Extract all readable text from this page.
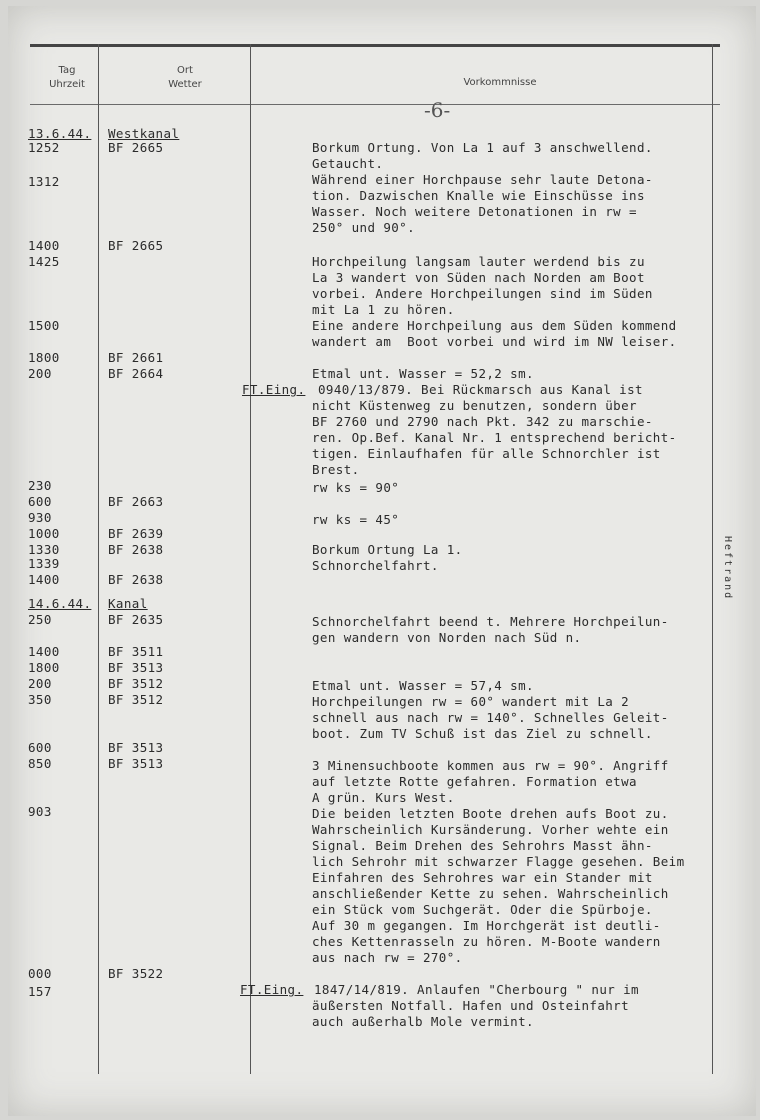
Tag
Uhrzeit
Ort
Wetter	Vorkommnisse
-6-
13.6.44.
1252
1312
1400
1425
1500
1800
200
230
600
930
1000
1330
1339
1400
14.6.44.
250
1400
1800
200
350
600
850
903
000
157
Westkanal
BF 2665
BF 2665
BF 2661
BF 2664
BF 2663
BF 2639
BF 2638
BF 2638
Kanal
BF 2635
BF 3511
BF 3513
BF 3512
BF 3512
BF 3513
BF 3513
BF 3522
Borkum Ortung. Von La 1 auf 3 anschwellend.
Getaucht.
Während einer Horchpause sehr laute Detona-
tion. Dazwischen Knalle wie Einschüsse ins
Wasser. Noch weitere Detonationen in rw =
250° und 90°.
Horchpeilung langsam lauter werdend bis zu
La 3 wandert von Süden nach Norden am Boot
vorbei. Andere Horchpeilungen sind im Süden
mit La 1 zu hören.
Eine andere Horchpeilung aus dem Süden kommend
wandert am  Boot vorbei und wird im NW leiser.
Etmal unt. Wasser = 52,2 sm.
FT.Eing. 0940/13/879. Bei Rückmarsch aus Kanal ist
nicht Küstenweg zu benutzen, sondern über
BF 2760 und 2790 nach Pkt. 342 zu marschie-
ren. Op.Bef. Kanal Nr. 1 entsprechend bericht-
tigen. Einlaufhafen für alle Schnorchler ist
Brest.
rw ks = 90°
rw ks = 45°
Borkum Ortung La 1.
Schnorchelfahrt.
Schnorchelfahrt beend t. Mehrere Horchpeilun-
gen wandern von Norden nach Süd n.
Etmal unt. Wasser = 57,4 sm.
Horchpeilungen rw = 60° wandert mit La 2
schnell aus nach rw = 140°. Schnelles Geleit-
boot. Zum TV Schuß ist das Ziel zu schnell.
3 Minensuchboote kommen aus rw = 90°. Angriff
auf letzte Rotte gefahren. Formation etwa
A grün. Kurs West.
Die beiden letzten Boote drehen aufs Boot zu.
Wahrscheinlich Kursänderung. Vorher wehte ein
Signal. Beim Drehen des Sehrohrs Masst ähn-
lich Sehrohr mit schwarzer Flagge gesehen. Beim
Einfahren des Sehrohres war ein Stander mit
anschließender Kette zu sehen. Wahrscheinlich
ein Stück vom Suchgerät. Oder die Spürboje.
Auf 30 m gegangen. Im Horchgerät ist deutli-
ches Kettenrasseln zu hören. M-Boote wandern
aus nach rw = 270°.
FT.Eing. 1847/14/819. Anlaufen "Cherbourg " nur im
äußersten Notfall. Hafen und Osteinfahrt
auch außerhalb Mole vermint.
Heftrand
